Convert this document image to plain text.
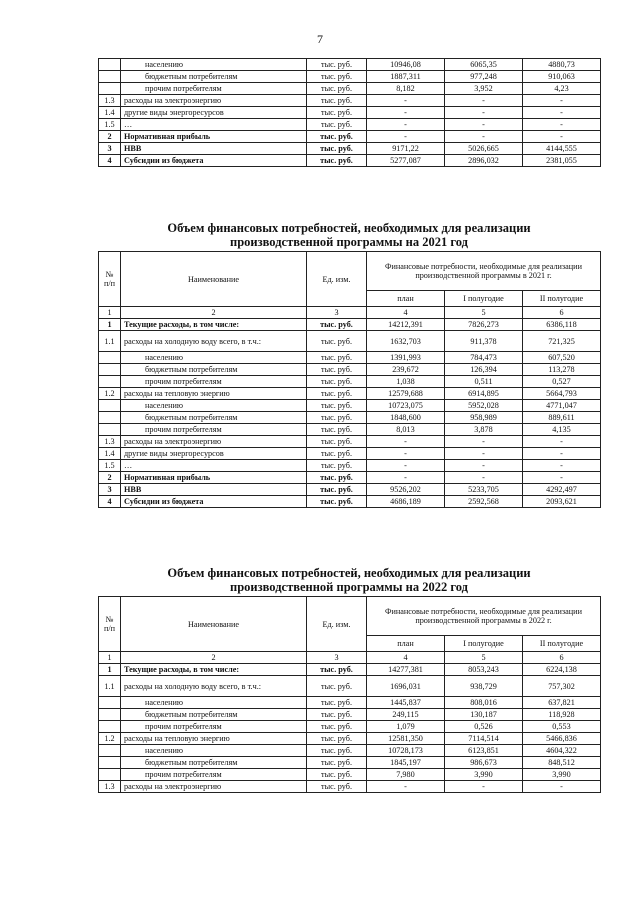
7
	населению	тыс. руб.	10946,08	6065,35	4880,73
	бюджетным потребителям	тыс. руб.	1887,311	977,248	910,063
	прочим потребителям	тыс. руб.	8,182	3,952	4,23
1.3	расходы на электроэнергию	тыс. руб.	-	-	-
1.4	другие виды энергоресурсов	тыс. руб.	-	-	-
1.5	…	тыс. руб.	-	-	-
2	Нормативная прибыль	тыс. руб.	-	-	-
3	НВВ	тыс. руб.	9171,22	5026,665	4144,555
4	Субсидии из бюджета	тыс. руб.	5277,087	2896,032	2381,055
Объем финансовых потребностей, необходимых для реализации
производственной программы на 2021 год
№ п/п	Наименование	Ед. изм.	Финансовые потребности, необходимые для реализации производственной программы в 2021 г.		
			план	I полугодие	II полугодие
1	2	3	4	5	6
1	Текущие расходы, в том числе:	тыс. руб.	14212,391	7826,273	6386,118
1.1	расходы на холодную воду всего, в т.ч.:	тыс. руб.	1632,703	911,378	721,325
	населению	тыс. руб.	1391,993	784,473	607,520
	бюджетным потребителям	тыс. руб.	239,672	126,394	113,278
	прочим потребителям	тыс. руб.	1,038	0,511	0,527
1.2	расходы на тепловую энергию	тыс. руб.	12579,688	6914,895	5664,793
	населению	тыс. руб.	10723,075	5952,028	4771,047
	бюджетным потребителям	тыс. руб.	1848,600	958,989	889,611
	прочим потребителям	тыс. руб.	8,013	3,878	4,135
1.3	расходы на электроэнергию	тыс. руб.	-	-	-
1.4	другие виды энергоресурсов	тыс. руб.	-	-	-
1.5	…	тыс. руб.	-	-	-
2	Нормативная прибыль	тыс. руб.	-	-	-
3	НВВ	тыс. руб.	9526,202	5233,705	4292,497
4	Субсидии из бюджета	тыс. руб.	4686,189	2592,568	2093,621
Объем финансовых потребностей, необходимых для реализации
производственной программы на 2022 год
№ п/п	Наименование	Ед. изм.	Финансовые потребности, необходимые для реализации производственной программы в 2022 г.		
			план	I полугодие	II полугодие
1	2	3	4	5	6
1	Текущие расходы, в том числе:	тыс. руб.	14277,381	8053,243	6224,138
1.1	расходы на холодную воду всего, в т.ч.:	тыс. руб.	1696,031	938,729	757,302
	населению	тыс. руб.	1445,837	808,016	637,821
	бюджетным потребителям	тыс. руб.	249,115	130,187	118,928
	прочим потребителям	тыс. руб.	1,079	0,526	0,553
1.2	расходы на тепловую энергию	тыс. руб.	12581,350	7114,514	5466,836
	населению	тыс. руб.	10728,173	6123,851	4604,322
	бюджетным потребителям	тыс. руб.	1845,197	986,673	848,512
	прочим потребителям	тыс. руб.	7,980	3,990	3,990
1.3	расходы на электроэнергию	тыс. руб.	-	-	-
